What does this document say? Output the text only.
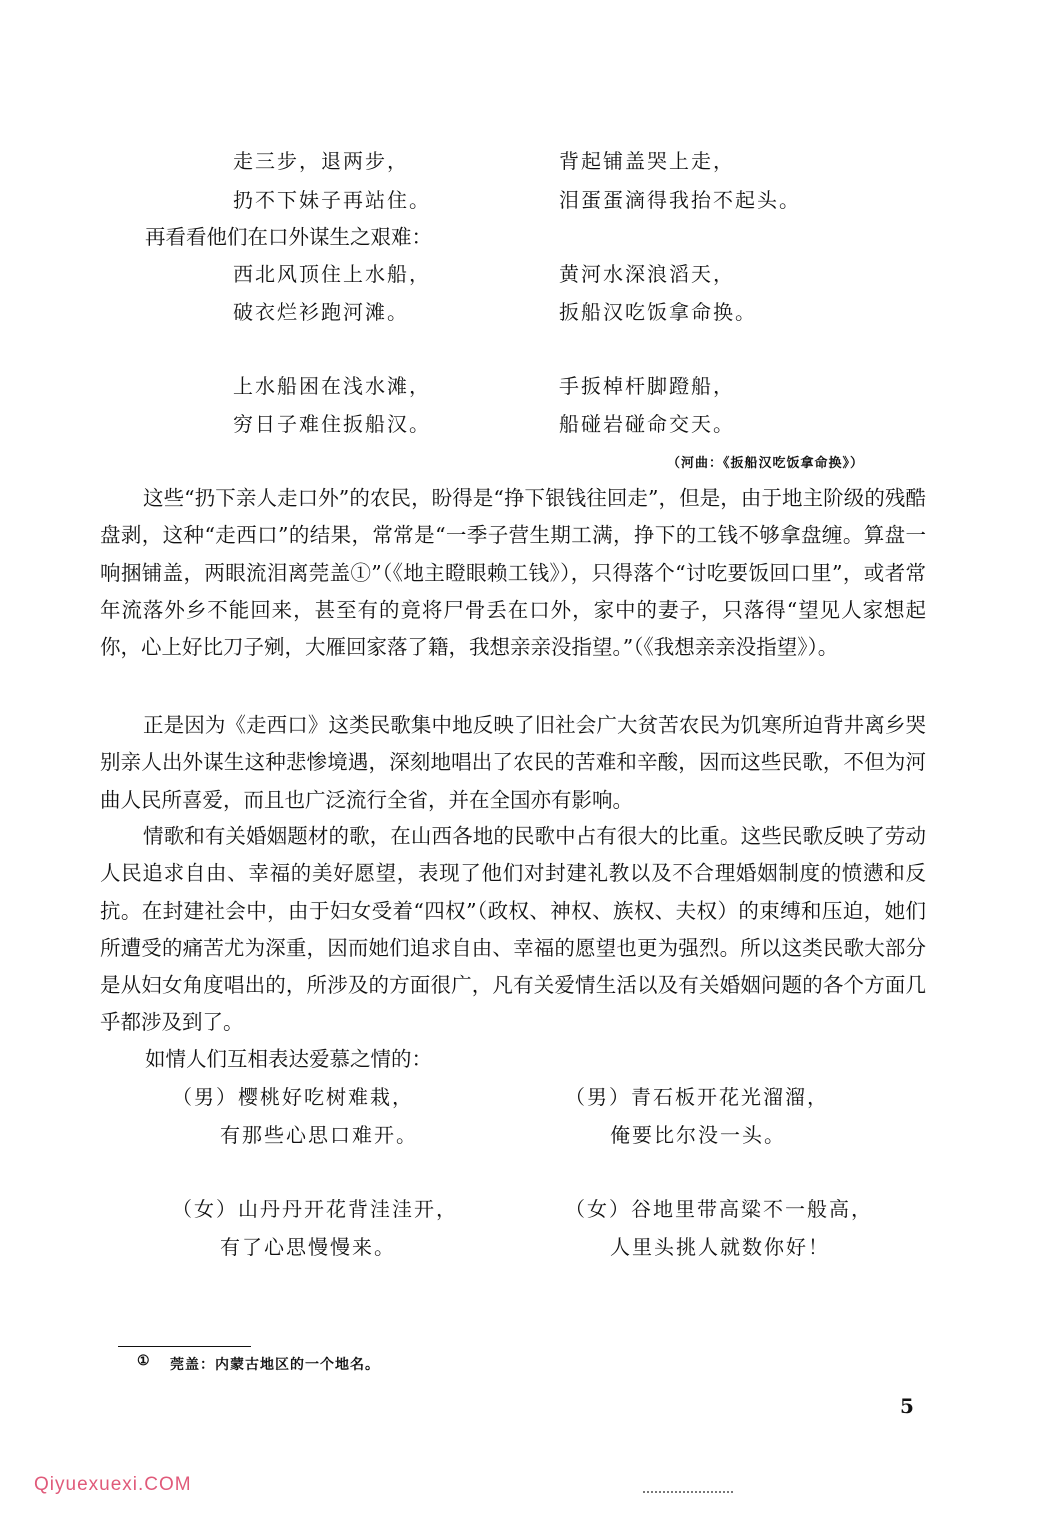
走三步，退两步，
扔不下妹子再站住。
背起铺盖哭上走，
泪蛋蛋滴得我抬不起头。
再看看他们在口外谋生之艰难：
西北风顶住上水船，
破衣烂衫跑河滩。
黄河水深浪滔天，
扳船汉吃饭拿命换。
上水船困在浅水滩，
穷日子难住扳船汉。
手扳棹杆脚蹬船，
船碰岩碰命交天。
（河曲：《扳船汉吃饭拿命换》）

这些“扔下亲人走口外”的农民，盼得是“挣下银钱往回走”，但是，由于地主阶级的残酷盘剥，这种“走西口”的结果，常常是“一季子营生期工满，挣下的工钱不够拿盘缠。算盘一响捆铺盖，两眼流泪离莞盖①”（《地主瞪眼赖工钱》），只得落个“讨吃要饭回口里”，或者常年流落外乡不能回来，甚至有的竟将尸骨丢在口外，家中的妻子，只落得“望见人家想起你，心上好比刀子剜，大雁回家落了籍，我想亲亲没指望。”（《我想亲亲没指望》）。

正是因为《走西口》这类民歌集中地反映了旧社会广大贫苦农民为饥寒所迫背井离乡哭别亲人出外谋生这种悲惨境遇，深刻地唱出了农民的苦难和辛酸，因而这些民歌，不但为河曲人民所喜爱，而且也广泛流行全省，并在全国亦有影响。

情歌和有关婚姻题材的歌，在山西各地的民歌中占有很大的比重。这些民歌反映了劳动人民追求自由、幸福的美好愿望，表现了他们对封建礼教以及不合理婚姻制度的愤懑和反抗。在封建社会中，由于妇女受着“四权”（政权、神权、族权、夫权）的束缚和压迫，她们所遭受的痛苦尤为深重，因而她们追求自由、幸福的愿望也更为强烈。所以这类民歌大部分是从妇女角度唱出的，所涉及的方面很广，凡有关爱情生活以及有关婚姻问题的各个方面几乎都涉及到了。

如情人们互相表达爱慕之情的：
（男）樱桃好吃树难栽，
有那些心思口难开。
（男）青石板开花光溜溜，
俺要比尔没一头。
（女）山丹丹开花背洼洼开，
有了心思慢慢来。
（女）谷地里带高粱不一般高，
人里头挑人就数你好！
① 莞盖：内蒙古地区的一个地名。
5
Qiyuexuexi.COM
